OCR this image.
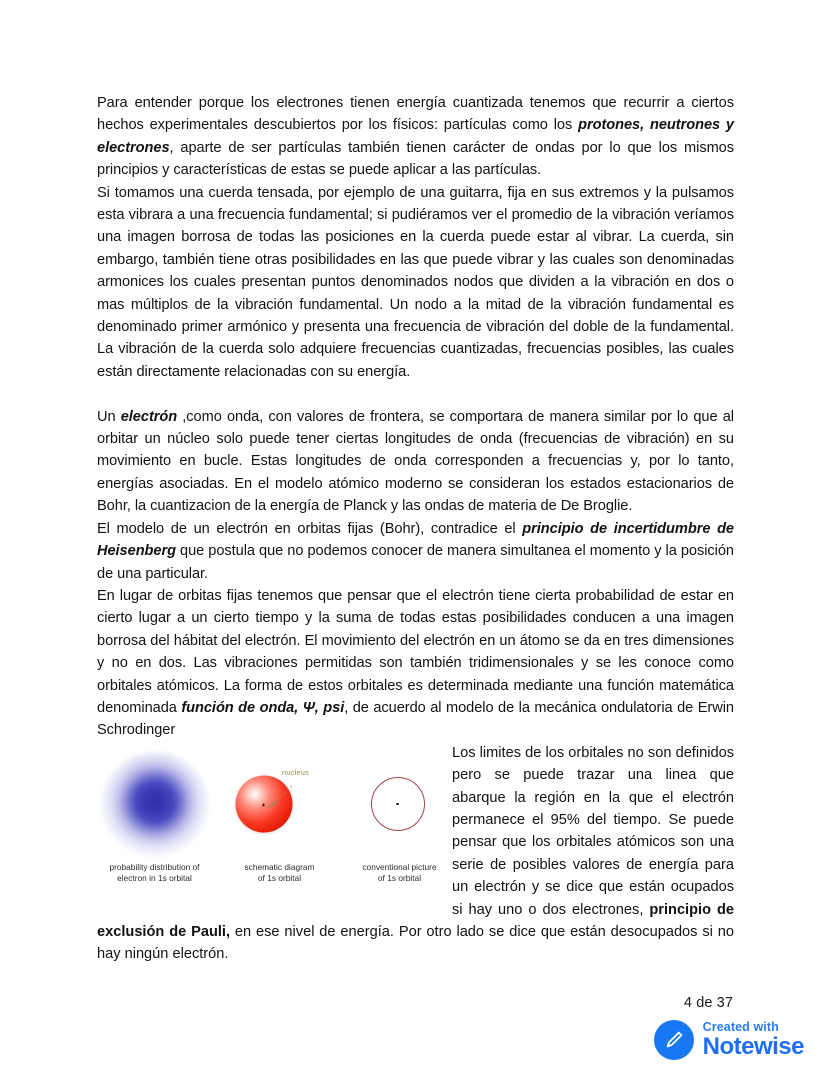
Para entender porque los electrones tienen energía cuantizada tenemos que recurrir a ciertos hechos experimentales descubiertos por los físicos: partículas como los protones, neutrones y electrones, aparte de ser partículas también tienen carácter de ondas por lo que los mismos principios y características de estas se puede aplicar a las partículas.

Si tomamos una cuerda tensada, por ejemplo de una guitarra, fija en sus extremos y la pulsamos esta vibrara a una frecuencia fundamental; si pudiéramos ver el promedio de la vibración veríamos una imagen borrosa de todas las posiciones en la cuerda puede estar al vibrar. La cuerda, sin embargo, también tiene otras posibilidades en las que puede vibrar y las cuales son denominadas armonices los cuales presentan puntos denominados nodos que dividen a la vibración en dos o mas múltiplos de la vibración fundamental. Un nodo a la mitad de la vibración fundamental es denominado primer armónico y presenta una frecuencia de vibración del doble de la fundamental. La vibración de la cuerda solo adquiere frecuencias cuantizadas, frecuencias posibles, las cuales están directamente relacionadas con su energía.

Un electrón ,como onda, con valores de frontera, se comportara de manera similar por lo que al orbitar un núcleo solo puede tener ciertas longitudes de onda (frecuencias de vibración) en su movimiento en bucle. Estas longitudes de onda corresponden a frecuencias y, por lo tanto, energías asociadas. En el modelo atómico moderno se consideran los estados estacionarios de Bohr, la cuantizacion de la energía de Planck y las ondas de materia de De Broglie.

El modelo de un electrón en orbitas fijas (Bohr), contradice el principio de incertidumbre de Heisenberg que postula que no podemos conocer de manera simultanea el momento y la posición de una particular.

En lugar de orbitas fijas tenemos que pensar que el electrón tiene cierta probabilidad de estar en cierto lugar a un cierto tiempo y la suma de todas estas posibilidades conducen a una imagen borrosa del hábitat del electrón. El movimiento del electrón en un átomo se da en tres dimensiones y no en dos. Las vibraciones permitidas son también tridimensionales y se les conoce como orbitales atómicos. La forma de estos orbitales es determinada mediante una función matemática denominada función de onda, Ψ, psi, de acuerdo al modelo de la mecánica ondulatoria de Erwin Schrodinger

probability distribution of
electron in 1s orbital
nucleus
schematic diagram
of 1s orbital
conventional picture
of 1s orbital
Los limites de los orbitales no son definidos pero se puede trazar una linea que abarque la región en la que el electrón permanece el 95% del tiempo. Se puede pensar que los orbitales atómicos son una serie de posibles valores de energía para un electrón y se dice que están ocupados si hay uno o dos electrones, principio de exclusión de Pauli, en ese nivel de energía. Por otro lado se dice que están desocupados si no hay ningún electrón.
4 de 37
Created with
Notewise
